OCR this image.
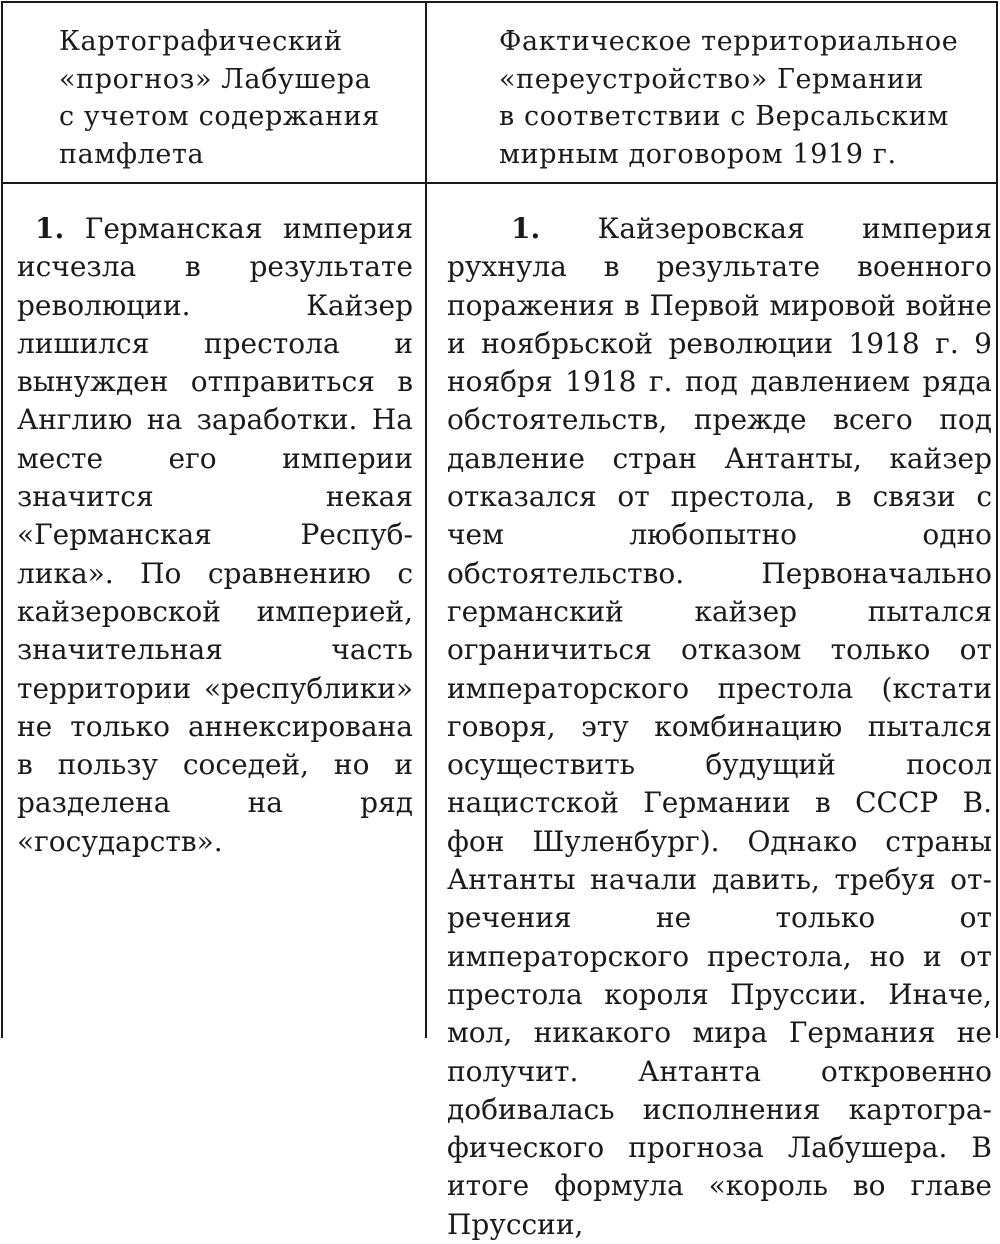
Картографический
«прогноз» Лабушера
с учетом содержания
памфлета
Фактическое территориальное
«переустройство» Германии
в соответствии с Версальским
мирным договором 1919 г.

1. Германская империя исчезла в результате революции. Кайзер лишился престола и вынужден отправиться в Англию на заработки. На месте его империи значится некая «Германская Республика». По сравнению с кайзеровской империей, значительная часть территории «республики» не только аннексирована в пользу соседей, но и разделена на ряд «государств».

1. Кайзеровская империя рухнула в результате военного поражения в Первой мировой войне и ноябрьской революции 1918 г. 9 ноября 1918 г. под давлением ряда обстоятельств, прежде всего под давление стран Антанты, кайзер отказался от престола, в связи с чем любопытно одно обстоятельство. Первоначально германский кайзер пытался ограничиться отказом только от императорского престола (кстати говоря, эту комбинацию пытался осуществить будущий посол нацистской Германии в СССР В. фон Шуленбург). Однако страны Антанты начали давить, требуя отречения не только от императорского престола, но и от престола короля Пруссии. Иначе, мол, никакого мира Германия не получит. Антанта откровенно добивалась исполнения картографического прогноза Лабушера. В итоге формула «король во главе Пруссии,
